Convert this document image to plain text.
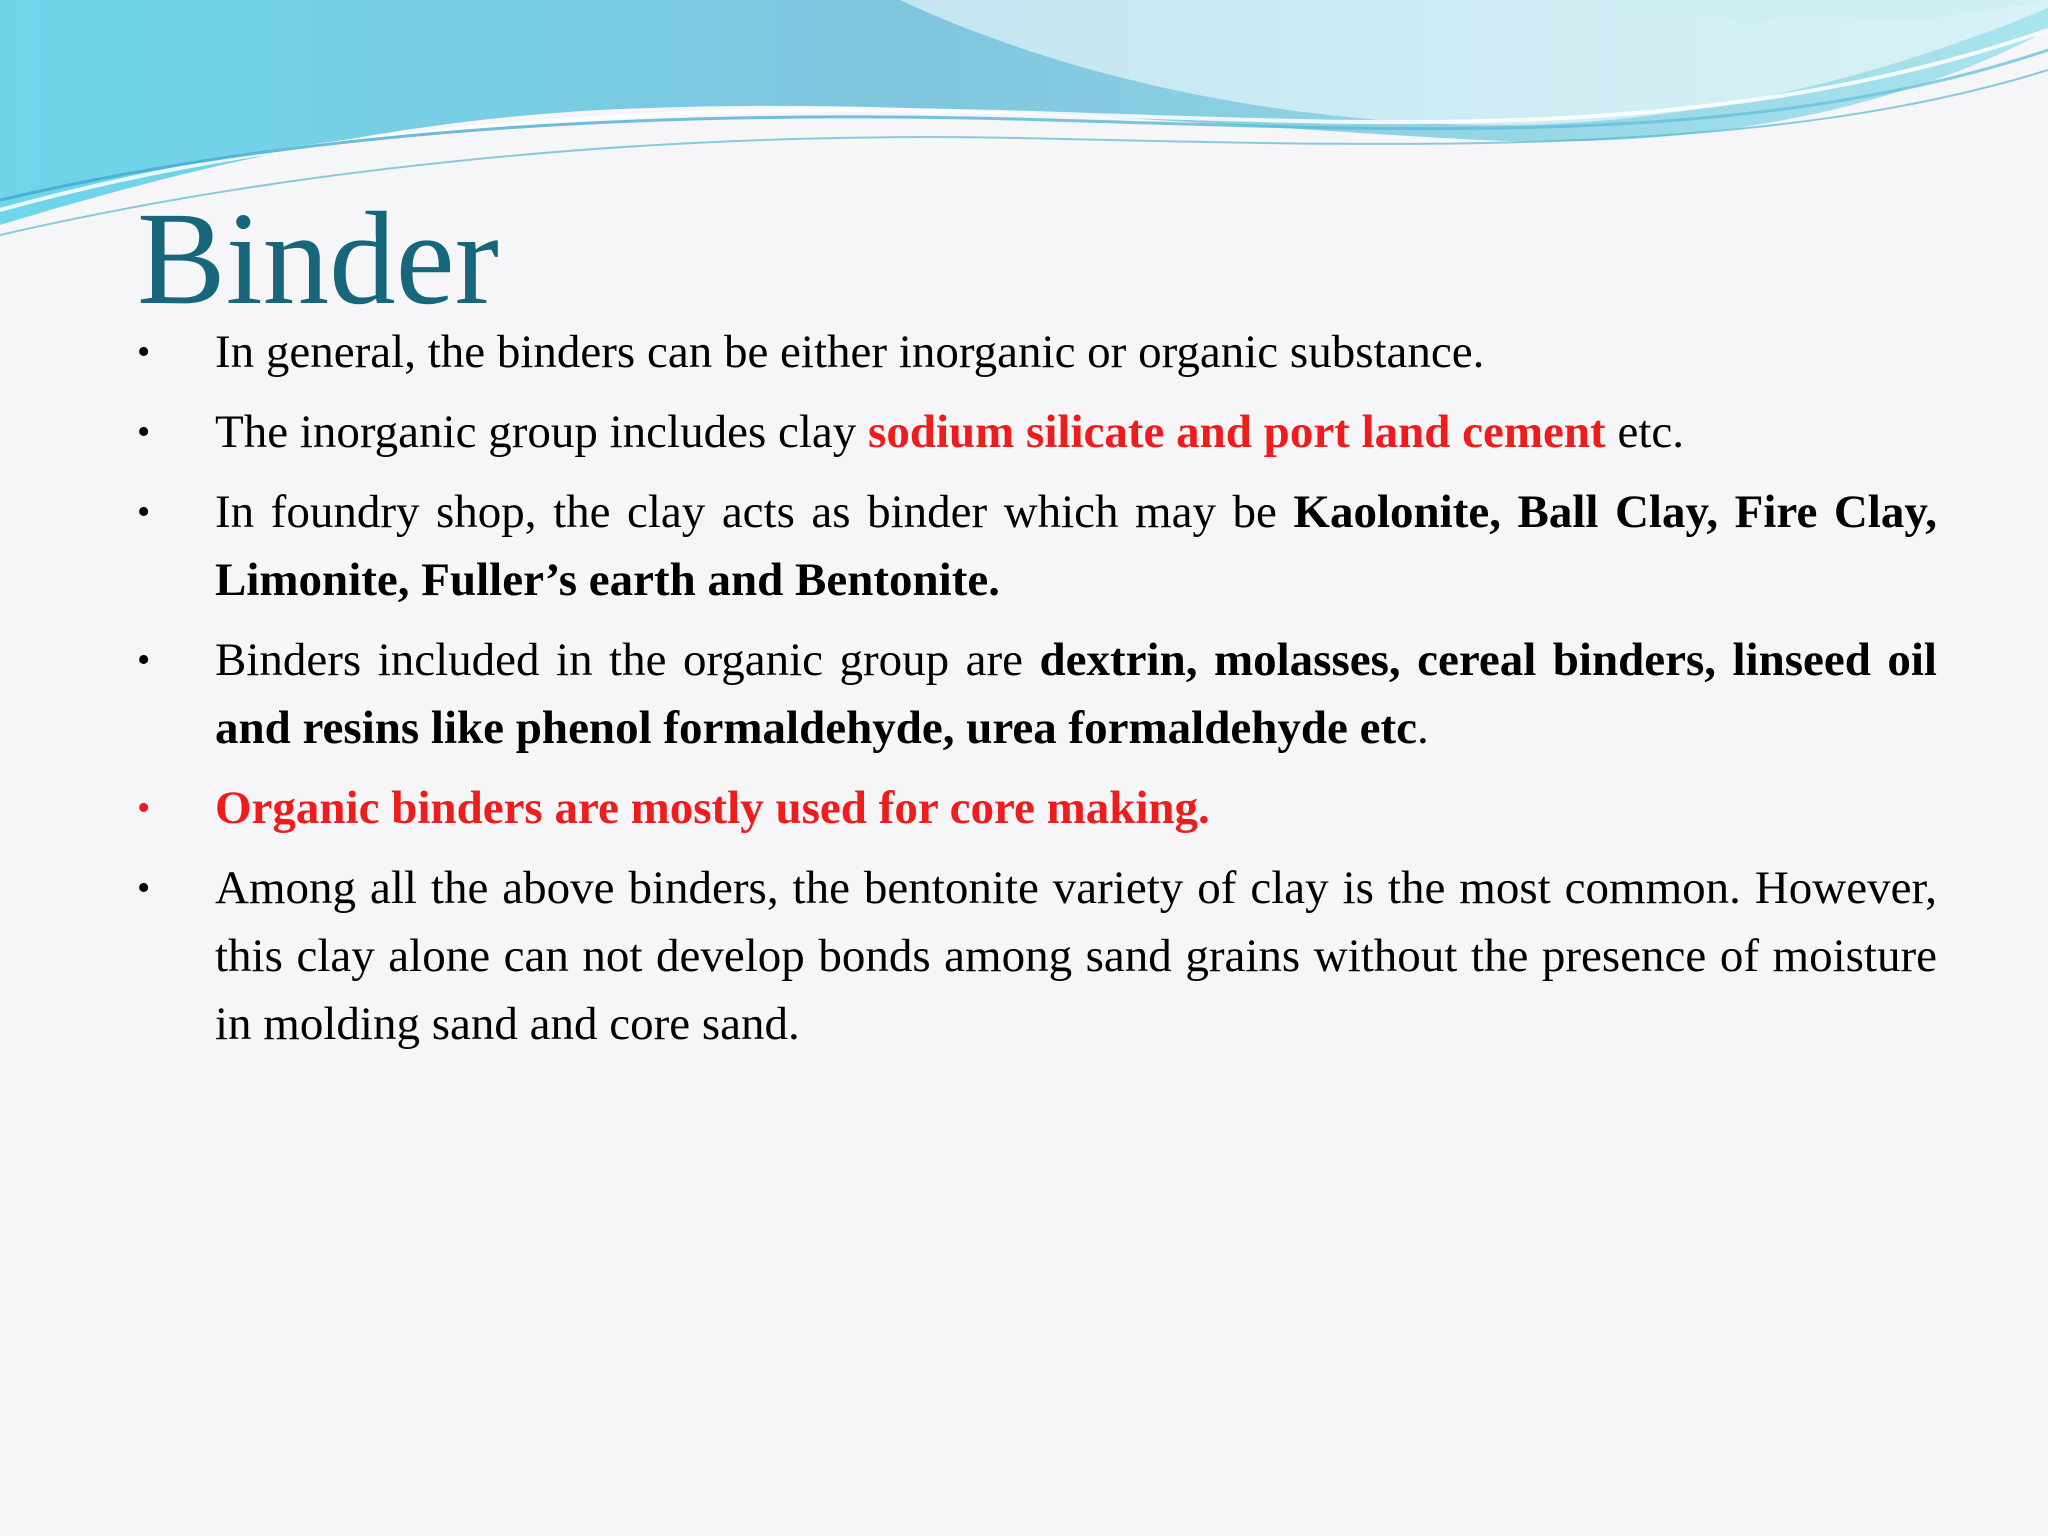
Binder
•	In general, the binders can be either inorganic or organic substance.
•	The inorganic group includes clay sodium silicate and port land cement etc.
•	In foundry shop, the clay acts as binder which may be Kaolonite, Ball Clay, Fire Clay, Limonite, Fuller’s earth and Bentonite.
•	Binders included in the organic group are dextrin, molasses, cereal binders, linseed oil and resins like phenol formaldehyde, urea formaldehyde etc.
•	Organic binders are mostly used for core making.
•	Among all the above binders, the bentonite variety of clay is the most common. However, this clay alone can not develop bonds among sand grains without the presence of moisture in molding sand and core sand.
